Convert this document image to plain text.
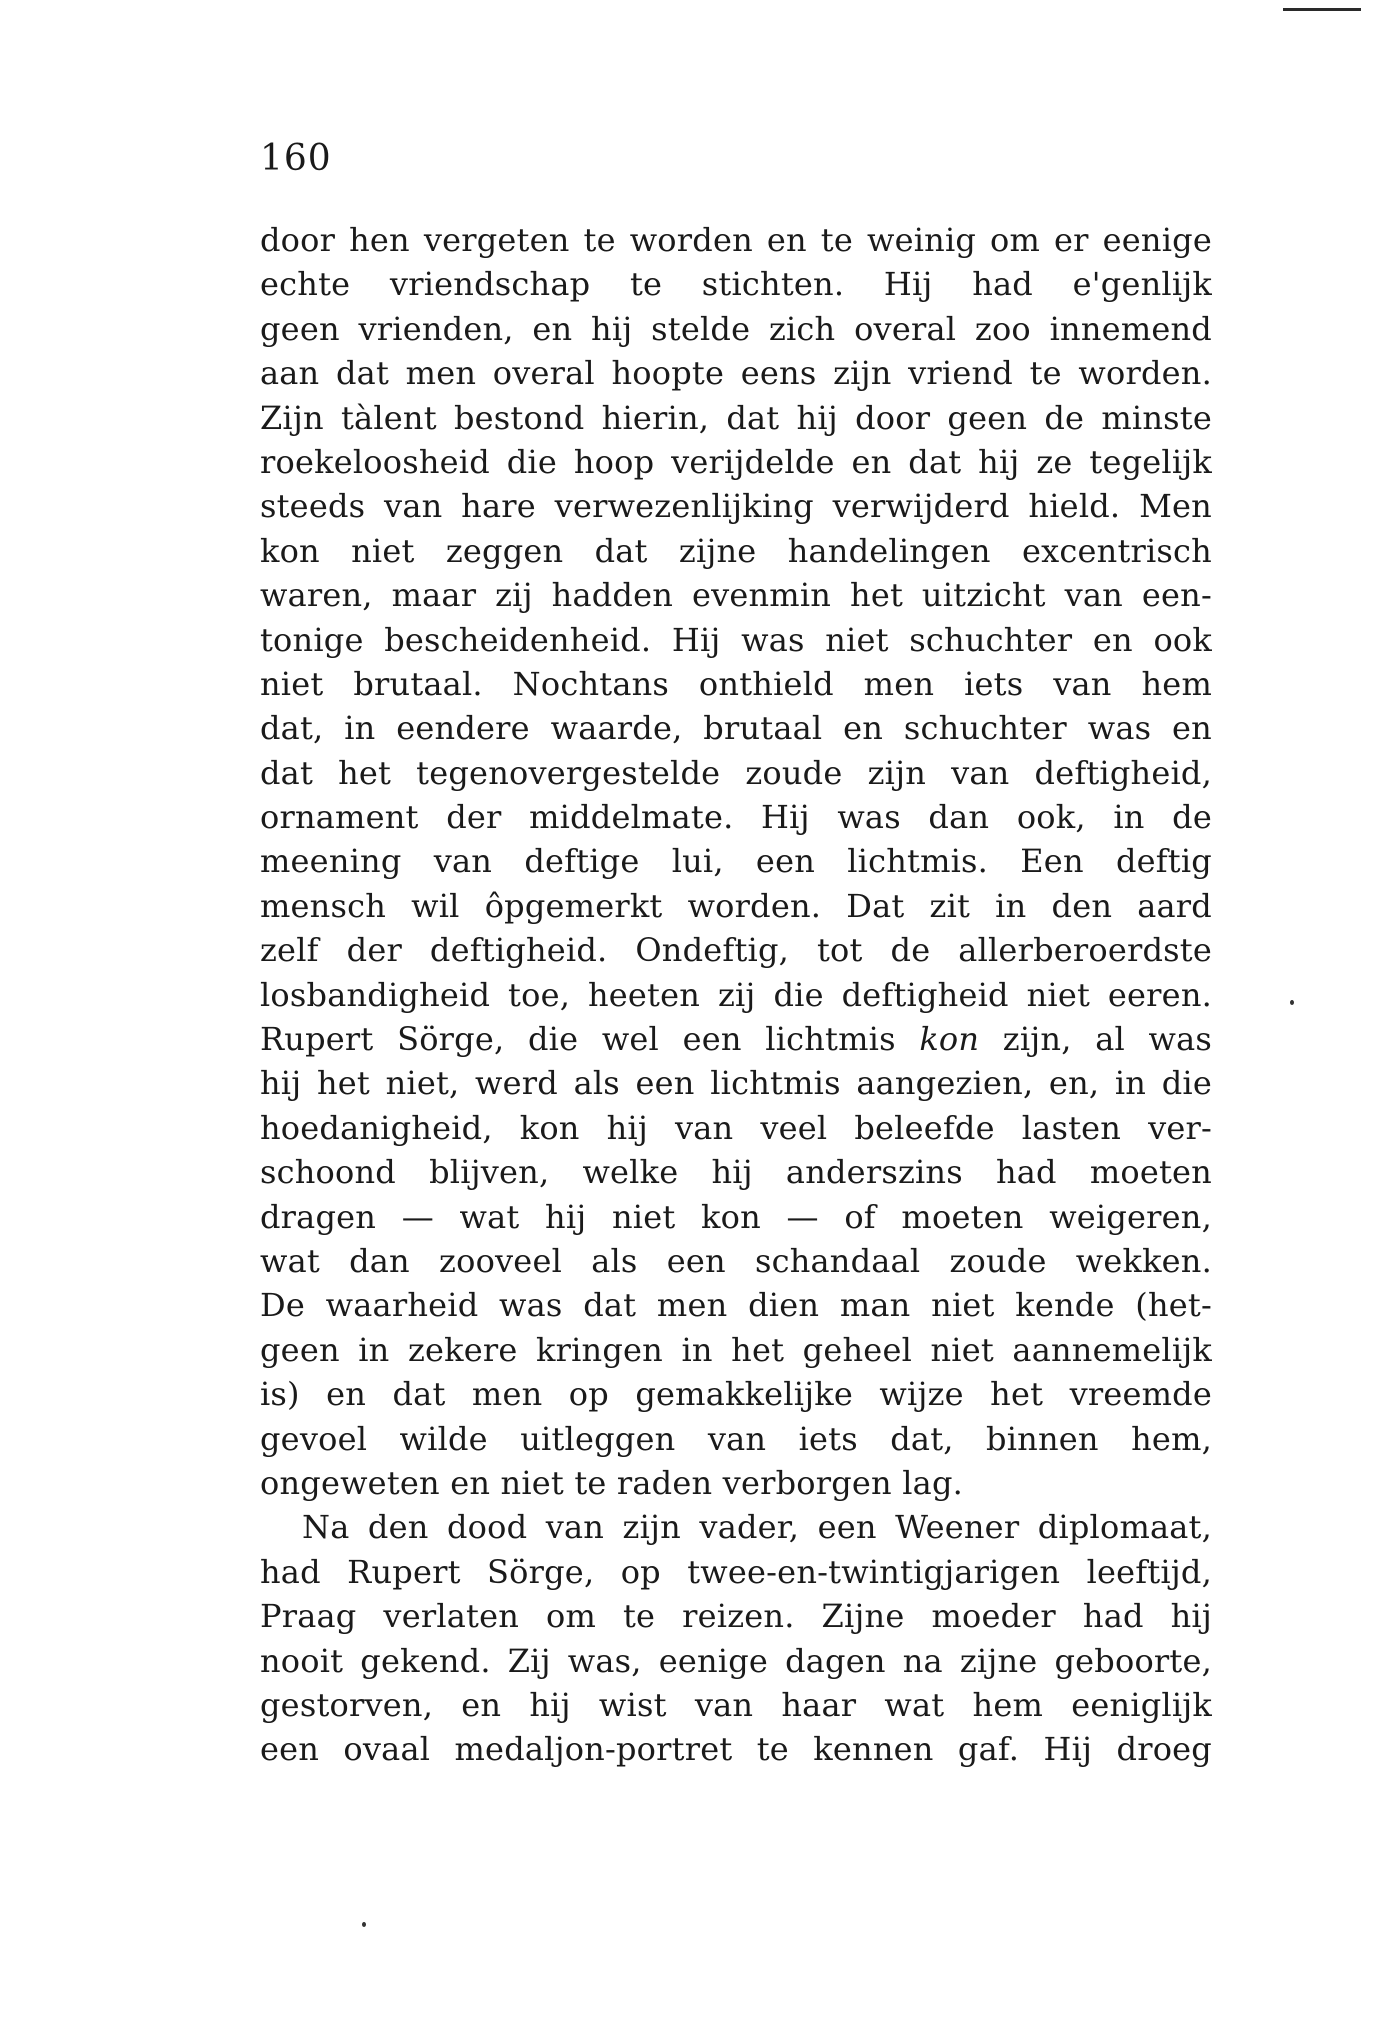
160
door hen vergeten te worden en te weinig om er eenige
echte vriendschap te stichten. Hij had e'genlijk
geen vrienden, en hij stelde zich overal zoo innemend
aan dat men overal hoopte eens zijn vriend te worden.
Zijn tàlent bestond hierin, dat hij door geen de minste
roekeloosheid die hoop verijdelde en dat hij ze tegelijk
steeds van hare verwezenlijking verwijderd hield. Men
kon niet zeggen dat zijne handelingen excentrisch
waren, maar zij hadden evenmin het uitzicht van een-
tonige bescheidenheid. Hij was niet schuchter en ook
niet brutaal. Nochtans onthield men iets van hem
dat, in eendere waarde, brutaal en schuchter was en
dat het tegenovergestelde zoude zijn van deftigheid,
ornament der middelmate. Hij was dan ook, in de
meening van deftige lui, een lichtmis. Een deftig
mensch wil ôpgemerkt worden. Dat zit in den aard
zelf der deftigheid. Ondeftig, tot de allerberoerdste
losbandigheid toe, heeten zij die deftigheid niet eeren.
Rupert Sörge, die wel een lichtmis kon zijn, al was
hij het niet, werd als een lichtmis aangezien, en, in die
hoedanigheid, kon hij van veel beleefde lasten ver-
schoond blijven, welke hij anderszins had moeten
dragen — wat hij niet kon — of moeten weigeren,
wat dan zooveel als een schandaal zoude wekken.
De waarheid was dat men dien man niet kende (het-
geen in zekere kringen in het geheel niet aannemelijk
is) en dat men op gemakkelijke wijze het vreemde
gevoel wilde uitleggen van iets dat, binnen hem,
ongeweten en niet te raden verborgen lag.
Na den dood van zijn vader, een Weener diplomaat,
had Rupert Sörge, op twee-en-twintigjarigen leeftijd,
Praag verlaten om te reizen. Zijne moeder had hij
nooit gekend. Zij was, eenige dagen na zijne geboorte,
gestorven, en hij wist van haar wat hem eeniglijk
een ovaal medaljon-portret te kennen gaf. Hij droeg
